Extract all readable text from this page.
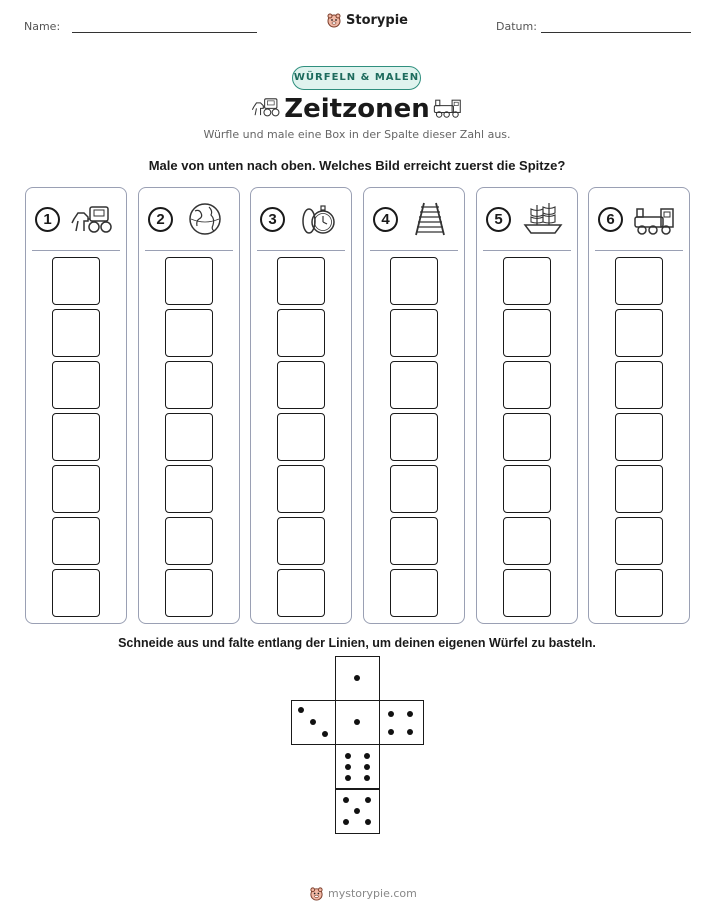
Name:	Storypie	Datum:
WÜRFELN & MALEN
Zeitzonen
Würfle und male eine Box in der Spalte dieser Zahl aus.
Male von unten nach oben. Welches Bild erreicht zuerst die Spitze?
1	2	3	4	5	6
Schneide aus und falte entlang der Linien, um deinen eigenen Würfel zu basteln.
mystorypie.com
